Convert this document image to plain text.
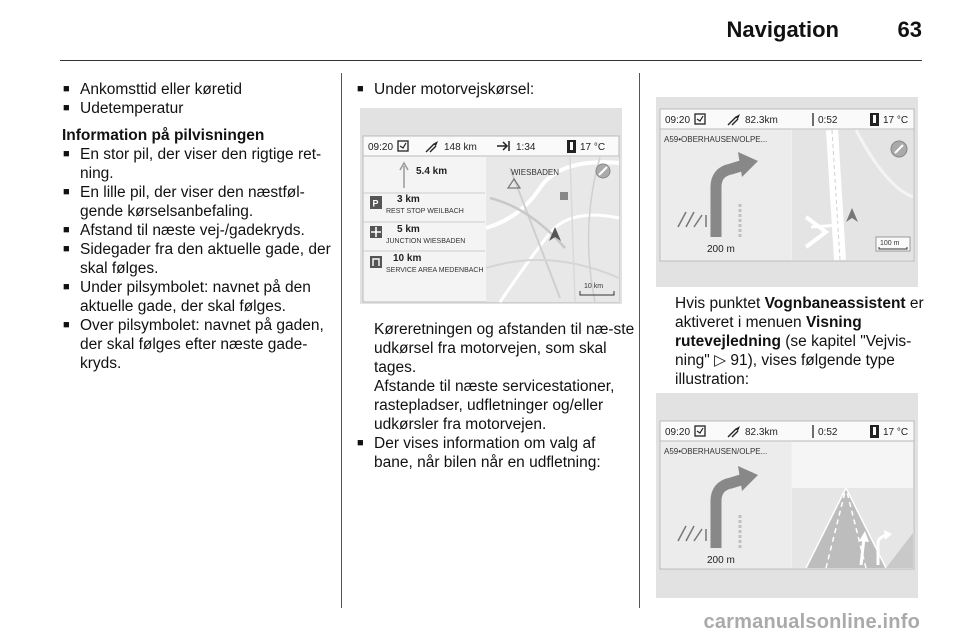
Navigation	63

■ Ankomsttid eller køretid

■ Udetemperatur

Information på pilvisningen

■ En stor pil, der viser den rigtige ret-ning.

■ En lille pil, der viser den næstføl-gende kørselsanbefaling.

■ Afstand til næste vej-/gadekryds.

■ Sidegader fra den aktuelle gade, der skal følges.

■ Under pilsymbolet: navnet på den aktuelle gade, der skal følges.

■ Over pilsymbolet: navnet på gaden, der skal følges efter næste gade-kryds.

■ Under motorvejskørsel:

09:20	148 km	1:34	17 °C
5.4 km
P 3 km
REST STOP WEILBACH
5 km
JUNCTION WIESBADEN
10 km
SERVICE AREA MEDENBACH
WIESBADEN
10 km

Køreretningen og afstanden til næ-ste udkørsel fra motorvejen, som skal tages.

Afstande til næste servicestationer, rastepladser, udfletninger og/eller udkørsler fra motorvejen.

■ Der vises information om valg af bane, når bilen når en udfletning:

09:20	82.3km	0:52	17 °C
A59•OBERHAUSEN/OLPE...
200 m
100 m

Hvis punktet Vognbaneassistent er aktiveret i menuen Visning rutevejledning (se kapitel "Vejvis-ning" ▷ 91), vises følgende type illustration:

09:20	82.3km	0:52	17 °C
A59•OBERHAUSEN/OLPE...
200 m
carmanualsonline.info
